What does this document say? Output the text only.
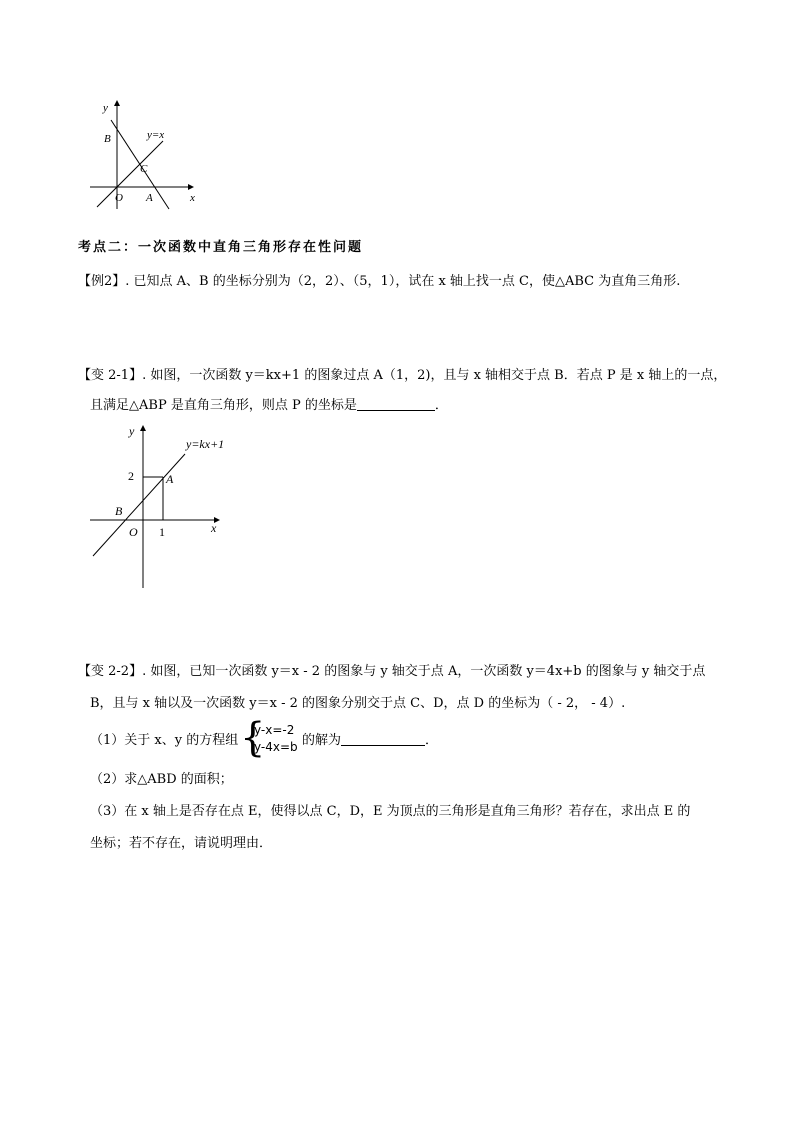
y
x
B
C
O A
y=x
考点二：一次函数中直角三角形存在性问题
【例2】. 已知点 A、B 的坐标分别为（2，2）、（5，1），试在 x 轴上找一点 C，使△ABC 为直角三角形.
【变 2-1】. 如图，一次函数 y＝kx+1 的图象过点 A（1，2)，且与 x 轴相交于点 B．若点 P 是 x 轴上的一点，
且满足△ABP 是直角三角形，则点 P 的坐标是	．
y
y=kx+1
2	A
B
O 1	x
【变 2-2】. 如图，已知一次函数 y＝x - 2 的图象与 y 轴交于点 A，一次函数 y＝4x+b 的图象与 y 轴交于点
B，且与 x 轴以及一次函数 y＝x - 2 的图象分别交于点 C、D，点 D 的坐标为（ - 2， - 4）.
（1）关于 x、y 的方程组 {
y-x=-2
y-4x=b 的解为	．
（2）求△ABD 的面积；
（3）在 x 轴上是否存在点 E，使得以点 C，D，E 为顶点的三角形是直角三角形？若存在，求出点 E 的
坐标；若不存在，请说明理由．
